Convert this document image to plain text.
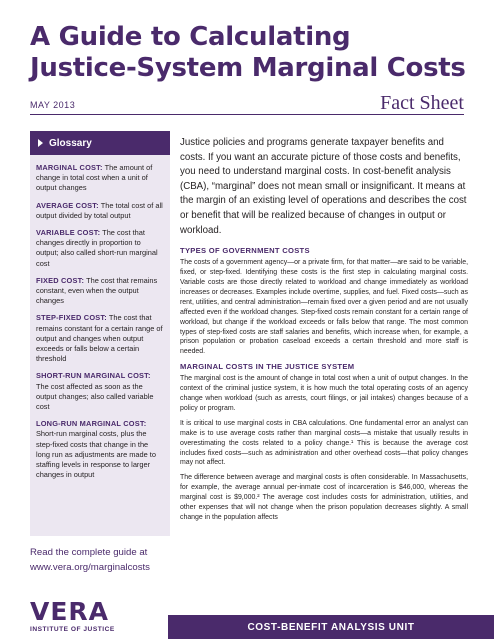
A Guide to Calculating
Justice-System Marginal Costs
MAY 2013	Fact Sheet
Glossary
MARGINAL COST: The amount of change in total cost when a unit of output changes
AVERAGE COST: The total cost of all output divided by total output
VARIABLE COST: The cost that changes directly in proportion to output; also called short-run marginal cost
FIXED COST: The cost that remains constant, even when the output changes
STEP-FIXED COST: The cost that remains constant for a certain range of output and changes when output exceeds or falls below a certain threshold
SHORT-RUN MARGINAL COST: The cost affected as soon as the output changes; also called variable cost
LONG-RUN MARGINAL COST: Short-run marginal costs, plus the step-fixed costs that change in the long run as adjustments are made to staffing levels in response to larger changes in output
Read the complete guide at
www.vera.org/marginalcosts

Justice policies and programs generate taxpayer benefits and costs. If you want an accurate picture of those costs and benefits, you need to understand marginal costs. In cost-benefit analysis (CBA), “marginal” does not mean small or insignificant. It means at the margin of an existing level of operations and describes the cost or benefit that will be realized because of changes in output or workload.

TYPES OF GOVERNMENT COSTS

The costs of a government agency—or a private firm, for that matter—are said to be variable, fixed, or step-fixed. Identifying these costs is the first step in calculating marginal costs. Variable costs are those directly related to workload and change immediately as workload increases or decreases. Examples include overtime, supplies, and fuel. Fixed costs—such as rent, utilities, and central administration—remain fixed over a given period and are not usually affected even if the workload changes. Step-fixed costs remain constant for a certain range of workload, but change if the workload exceeds or falls below that range. The most common types of step-fixed costs are staff salaries and benefits, which increase when, for example, a prison population or probation caseload exceeds a certain threshold and more staff is needed.

MARGINAL COSTS IN THE JUSTICE SYSTEM

The marginal cost is the amount of change in total cost when a unit of output changes. In the context of the criminal justice system, it is how much the total operating costs of an agency change when workload (such as arrests, court filings, or jail intakes) changes because of a policy or program.

It is critical to use marginal costs in CBA calculations. One fundamental error an analyst can make is to use average costs rather than marginal costs—a mistake that usually results in overestimating the costs related to a policy change.¹ This is because the average cost includes fixed costs—such as administration and other overhead costs—that policy changes may not affect.

The difference between average and marginal costs is often considerable. In Massachusetts, for example, the average annual per-inmate cost of incarceration is $46,000, whereas the marginal cost is $9,000.² The average cost includes costs for administration, utilities, and other expenses that will not change when the prison population decreases slightly. A small change in the population affects

VERA
INSTITUTE OF JUSTICE	COST-BENEFIT ANALYSIS UNIT
